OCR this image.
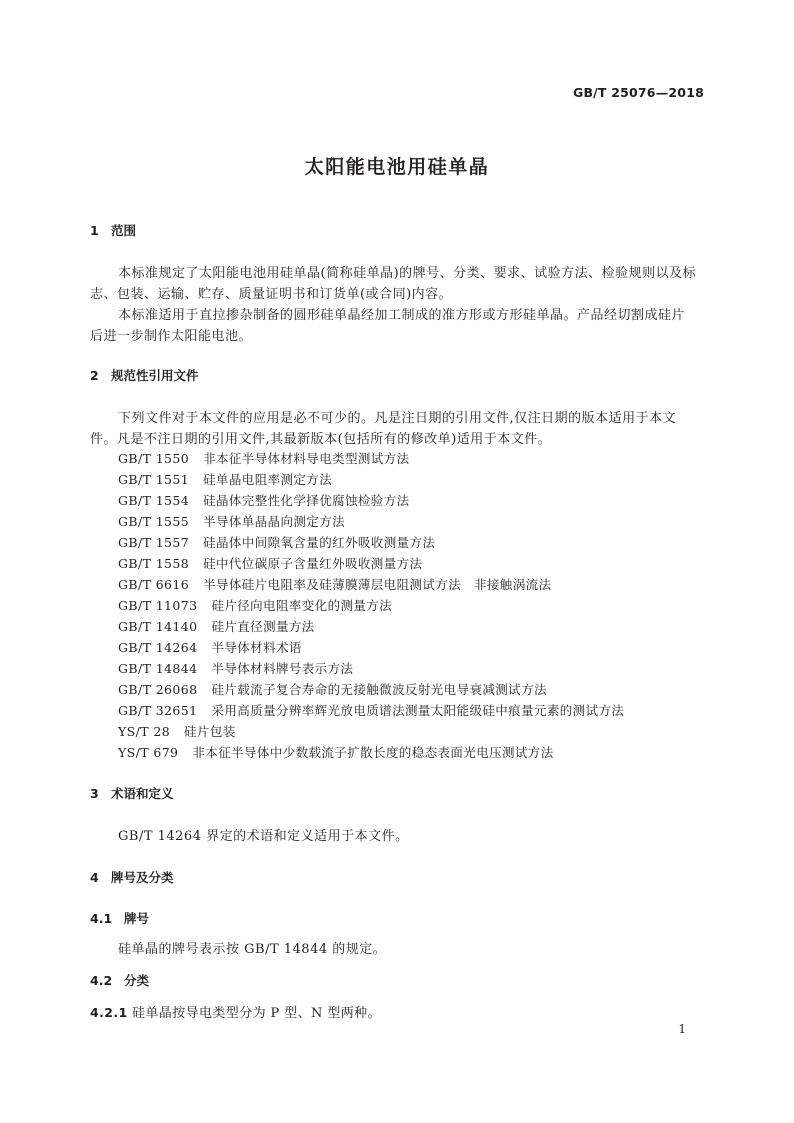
GB/T 25076—2018
太阳能电池用硅单晶
1 范围
本标准规定了太阳能电池用硅单晶(简称硅单晶)的牌号、分类、要求、试验方法、检验规则以及标
志、包装、运输、贮存、质量证明书和订货单(或合同)内容。
本标准适用于直拉掺杂制备的圆形硅单晶经加工制成的准方形或方形硅单晶。产品经切割成硅片
后进一步制作太阳能电池。
2 规范性引用文件
下列文件对于本文件的应用是必不可少的。凡是注日期的引用文件,仅注日期的版本适用于本文
件。凡是不注日期的引用文件,其最新版本(包括所有的修改单)适用于本文件。
GB/T 1550 非本征半导体材料导电类型测试方法
GB/T 1551 硅单晶电阻率测定方法
GB/T 1554 硅晶体完整性化学择优腐蚀检验方法
GB/T 1555 半导体单晶晶向测定方法
GB/T 1557 硅晶体中间隙氧含量的红外吸收测量方法
GB/T 1558 硅中代位碳原子含量红外吸收测量方法
GB/T 6616 半导体硅片电阻率及硅薄膜薄层电阻测试方法　非接触涡流法
GB/T 11073 硅片径向电阻率变化的测量方法
GB/T 14140 硅片直径测量方法
GB/T 14264 半导体材料术语
GB/T 14844 半导体材料牌号表示方法
GB/T 26068 硅片载流子复合寿命的无接触微波反射光电导衰减测试方法
GB/T 32651 采用高质量分辨率辉光放电质谱法测量太阳能级硅中痕量元素的测试方法
YS/T 28 硅片包装
YS/T 679 非本征半导体中少数载流子扩散长度的稳态表面光电压测试方法
3 术语和定义
GB/T 14264 界定的术语和定义适用于本文件。
4 牌号及分类
4.1 牌号
硅单晶的牌号表示按 GB/T 14844 的规定。
4.2 分类
4.2.1 硅单晶按导电类型分为 P 型、N 型两种。
1
